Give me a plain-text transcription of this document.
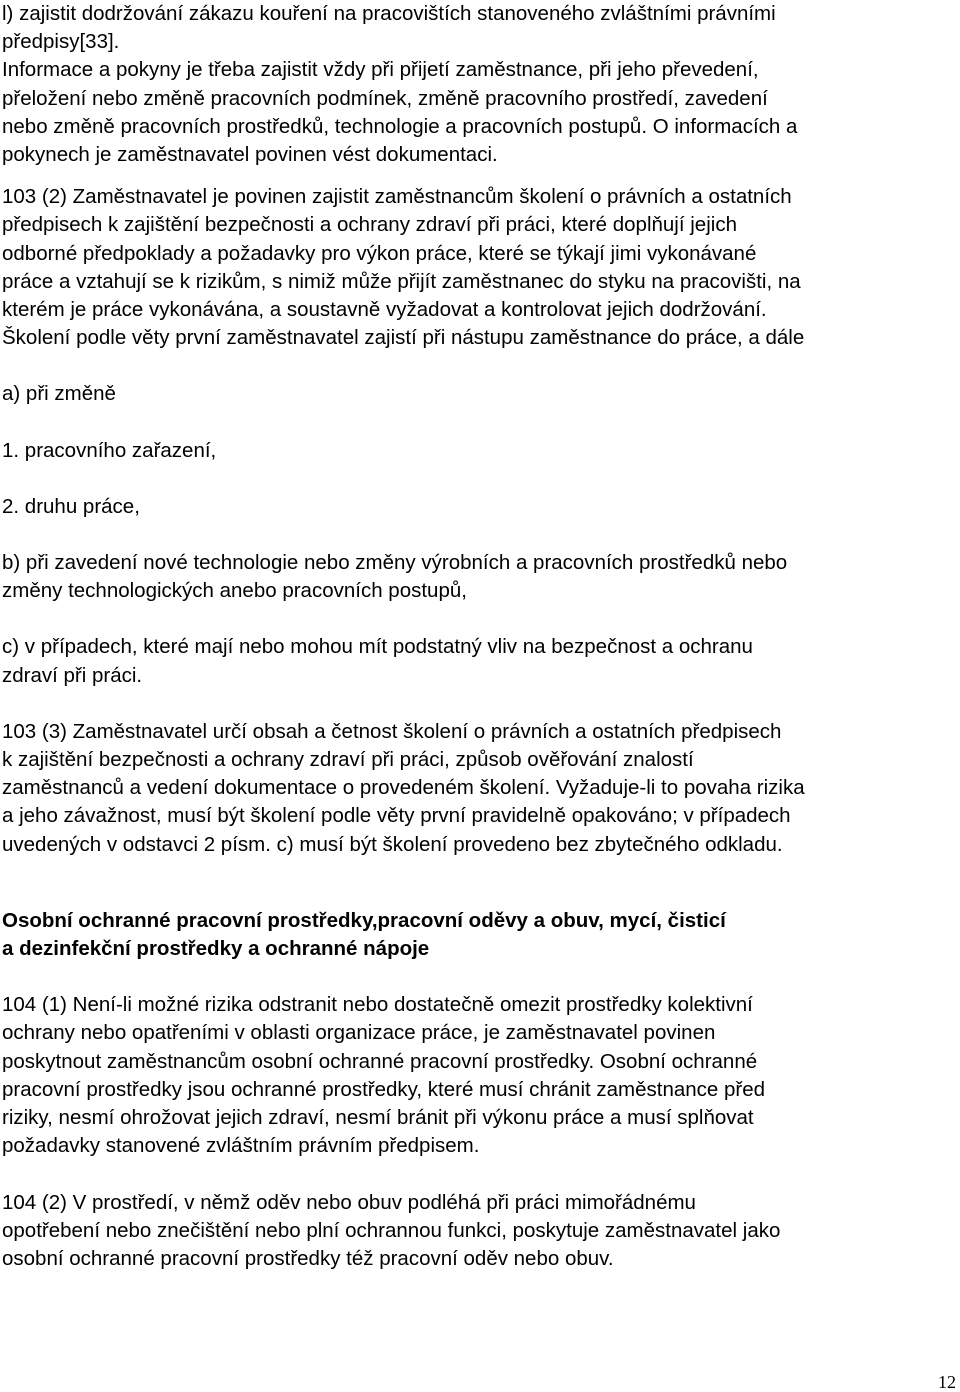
l) zajistit dodržování zákazu kouření na pracovištích stanoveného zvláštními právními

předpisy[33].

Informace a pokyny je třeba zajistit vždy při přijetí zaměstnance, při jeho převedení,

přeložení nebo změně pracovních podmínek, změně pracovního prostředí, zavedení

nebo změně pracovních prostředků, technologie a pracovních postupů. O informacích a

pokynech je zaměstnavatel povinen vést dokumentaci.

103 (2) Zaměstnavatel je povinen zajistit zaměstnancům školení o právních a ostatních

předpisech k zajištění bezpečnosti a ochrany zdraví při práci, které doplňují jejich

odborné předpoklady a požadavky pro výkon práce, které se týkají jimi vykonávané

práce a vztahují se k rizikům, s nimiž může přijít zaměstnanec do styku na pracovišti, na

kterém je práce vykonávána, a soustavně vyžadovat a kontrolovat jejich dodržování.

Školení podle věty první zaměstnavatel zajistí při nástupu zaměstnance do práce, a dále

a) při změně

1. pracovního zařazení,

2. druhu práce,

b) při zavedení nové technologie nebo změny výrobních a pracovních prostředků nebo

změny technologických anebo pracovních postupů,

c) v případech, které mají nebo mohou mít podstatný vliv na bezpečnost a ochranu

zdraví při práci.

103 (3) Zaměstnavatel určí obsah a četnost školení o právních a ostatních předpisech

k zajištění bezpečnosti a ochrany zdraví při práci, způsob ověřování znalostí

zaměstnanců a vedení dokumentace o provedeném školení. Vyžaduje-li to povaha rizika

a jeho závažnost, musí být školení podle věty první pravidelně opakováno; v případech

uvedených v odstavci 2 písm. c) musí být školení provedeno bez zbytečného odkladu.

Osobní ochranné pracovní prostředky,pracovní oděvy a obuv, mycí, čisticí

a dezinfekční prostředky a ochranné nápoje

104 (1) Není-li možné rizika odstranit nebo dostatečně omezit prostředky kolektivní

ochrany nebo opatřeními v oblasti organizace práce, je zaměstnavatel povinen

poskytnout zaměstnancům osobní ochranné pracovní prostředky. Osobní ochranné

pracovní prostředky jsou ochranné prostředky, které musí chránit zaměstnance před

riziky, nesmí ohrožovat jejich zdraví, nesmí bránit při výkonu práce a musí splňovat

požadavky stanovené zvláštním právním předpisem.

104 (2) V prostředí, v němž oděv nebo obuv podléhá při práci mimořádnému

opotřebení nebo znečištění nebo plní ochrannou funkci, poskytuje zaměstnavatel jako

osobní ochranné pracovní prostředky též pracovní oděv nebo obuv.

12
